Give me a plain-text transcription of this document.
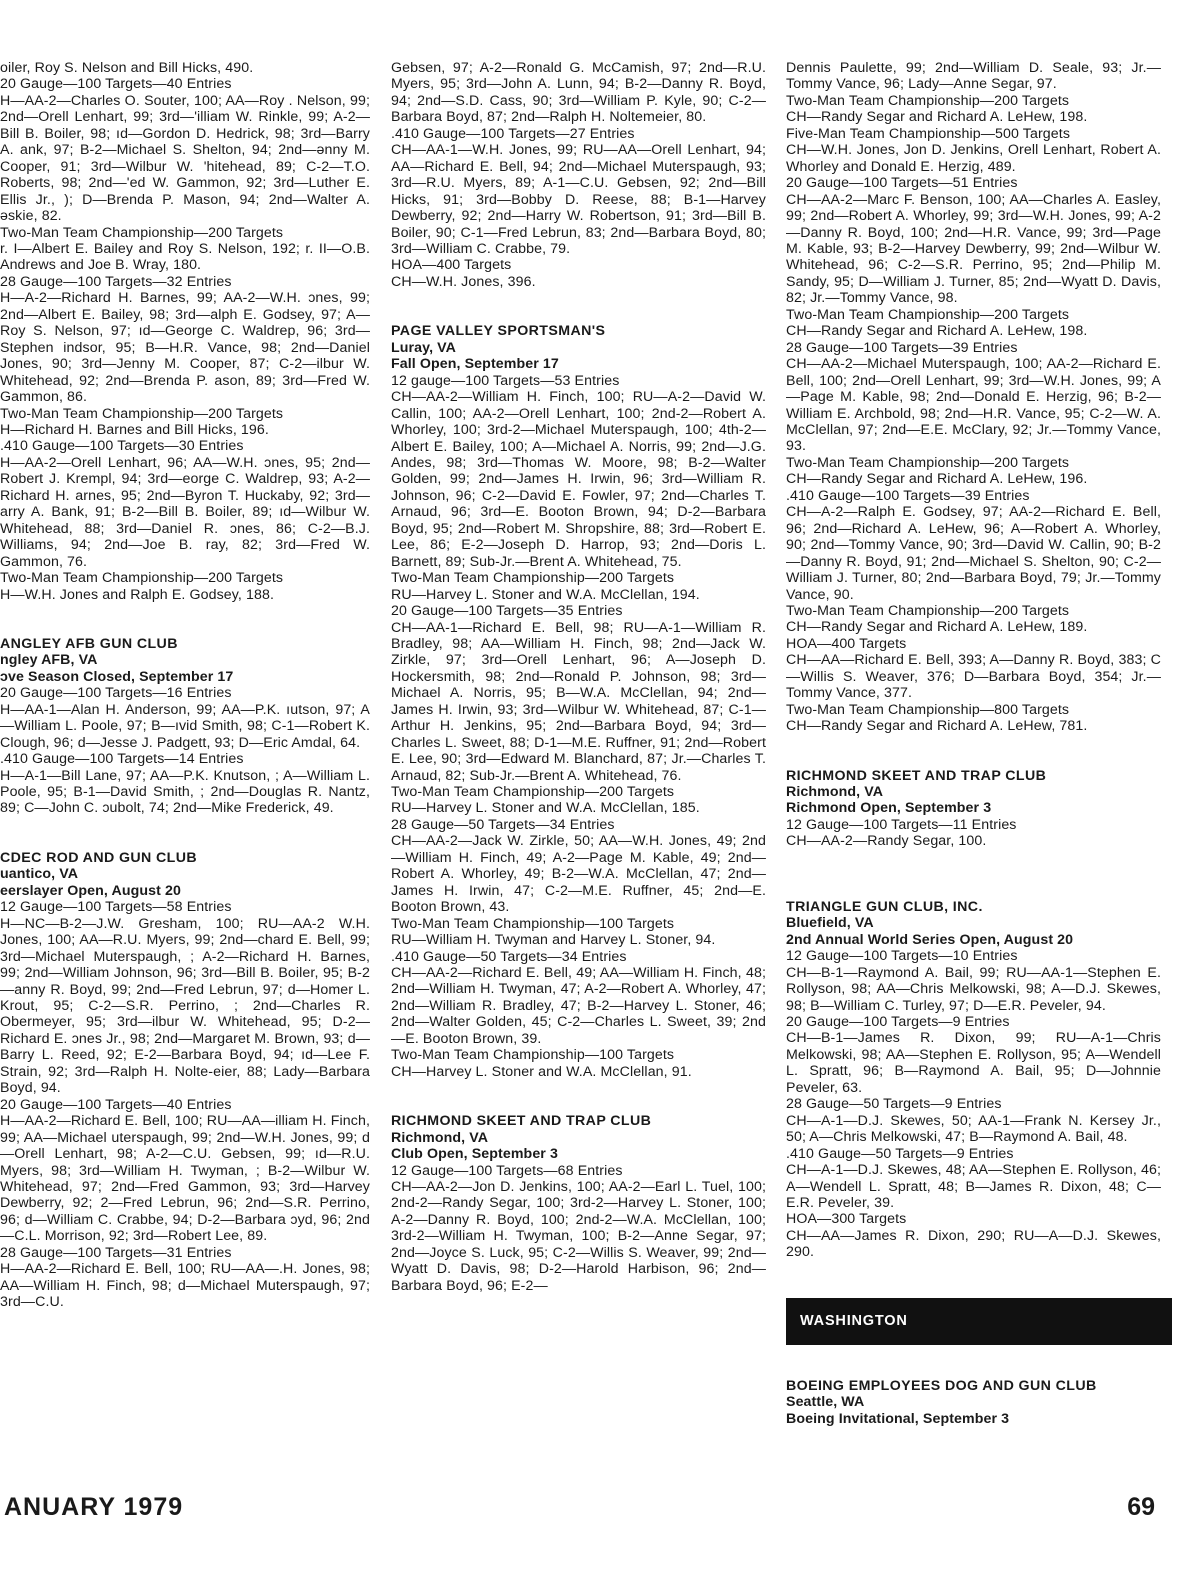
oiler, Roy S. Nelson and Bill Hicks, 490.

20 Gauge—100 Targets—40 Entries

H—AA-2—Charles O. Souter, 100; AA—Roy . Nelson, 99; 2nd—Orell Lenhart, 99; 3rd—'illiam W. Rinkle, 99; A-2—Bill B. Boiler, 98; ıd—Gordon D. Hedrick, 98; 3rd—Barry A. ank, 97; B-2—Michael S. Shelton, 94; 2nd—ənny M. Cooper, 91; 3rd—Wilbur W. 'hitehead, 89; C-2—T.O. Roberts, 98; 2nd—'ed W. Gammon, 92; 3rd—Luther E. Ellis Jr., ); D—Brenda P. Mason, 94; 2nd—Walter A. əskie, 82.

Two-Man Team Championship—200 Targets

r. I—Albert E. Bailey and Roy S. Nelson, 192; r. II—O.B. Andrews and Joe B. Wray, 180.

28 Gauge—100 Targets—32 Entries

H—A-2—Richard H. Barnes, 99; AA-2—W.H. ɔnes, 99; 2nd—Albert E. Bailey, 98; 3rd—alph E. Godsey, 97; A—Roy S. Nelson, 97; ıd—George C. Waldrep, 96; 3rd—Stephen indsor, 95; B—H.R. Vance, 98; 2nd—Daniel Jones, 90; 3rd—Jenny M. Cooper, 87; C-2—ilbur W. Whitehead, 92; 2nd—Brenda P. ason, 89; 3rd—Fred W. Gammon, 86.

Two-Man Team Championship—200 Targets

H—Richard H. Barnes and Bill Hicks, 196.

.410 Gauge—100 Targets—30 Entries

H—AA-2—Orell Lenhart, 96; AA—W.H. ɔnes, 95; 2nd—Robert J. Krempl, 94; 3rd—eorge C. Waldrep, 93; A-2—Richard H. arnes, 95; 2nd—Byron T. Huckaby, 92; 3rd—arry A. Bank, 91; B-2—Bill B. Boiler, 89; ıd—Wilbur W. Whitehead, 88; 3rd—Daniel R. ɔnes, 86; C-2—B.J. Williams, 94; 2nd—Joe B. ray, 82; 3rd—Fred W. Gammon, 76.

Two-Man Team Championship—200 Targets

H—W.H. Jones and Ralph E. Godsey, 188.

ANGLEY AFB GUN CLUB
ngley AFB, VA
ɔve Season Closed, September 17

20 Gauge—100 Targets—16 Entries

H—AA-1—Alan H. Anderson, 99; AA—P.K. ıutson, 97; A—William L. Poole, 97; B—ıvid Smith, 98; C-1—Robert K. Clough, 96; d—Jesse J. Padgett, 93; D—Eric Amdal, 64.

.410 Gauge—100 Targets—14 Entries

H—A-1—Bill Lane, 97; AA—P.K. Knutson, ; A—William L. Poole, 95; B-1—David Smith, ; 2nd—Douglas R. Nantz, 89; C—John C. ɔubolt, 74; 2nd—Mike Frederick, 49.

CDEC ROD AND GUN CLUB
uantico, VA
eerslayer Open, August 20

12 Gauge—100 Targets—58 Entries

H—NC—B-2—J.W. Gresham, 100; RU—AA-2 W.H. Jones, 100; AA—R.U. Myers, 99; 2nd—chard E. Bell, 99; 3rd—Michael Muterspaugh, ; A-2—Richard H. Barnes, 99; 2nd—William Johnson, 96; 3rd—Bill B. Boiler, 95; B-2—anny R. Boyd, 99; 2nd—Fred Lebrun, 97; d—Homer L. Krout, 95; C-2—S.R. Perrino, ; 2nd—Charles R. Obermeyer, 95; 3rd—ilbur W. Whitehead, 95; D-2—Richard E. ɔnes Jr., 98; 2nd—Margaret M. Brown, 93; d—Barry L. Reed, 92; E-2—Barbara Boyd, 94; ıd—Lee F. Strain, 92; 3rd—Ralph H. Nolte-eier, 88; Lady—Barbara Boyd, 94.

20 Gauge—100 Targets—40 Entries

H—AA-2—Richard E. Bell, 100; RU—AA—illiam H. Finch, 99; AA—Michael uterspaugh, 99; 2nd—W.H. Jones, 99; d—Orell Lenhart, 98; A-2—C.U. Gebsen, 99; ıd—R.U. Myers, 98; 3rd—William H. Twyman, ; B-2—Wilbur W. Whitehead, 97; 2nd—Fred Gammon, 93; 3rd—Harvey Dewberry, 92; 2—Fred Lebrun, 96; 2nd—S.R. Perrino, 96; d—William C. Crabbe, 94; D-2—Barbara ɔyd, 96; 2nd—C.L. Morrison, 92; 3rd—Robert Lee, 89.

28 Gauge—100 Targets—31 Entries

H—AA-2—Richard E. Bell, 100; RU—AA—.H. Jones, 98; AA—William H. Finch, 98; d—Michael Muterspaugh, 97; 3rd—C.U.

Gebsen, 97; A-2—Ronald G. McCamish, 97; 2nd—R.U. Myers, 95; 3rd—John A. Lunn, 94; B-2—Danny R. Boyd, 94; 2nd—S.D. Cass, 90; 3rd—William P. Kyle, 90; C-2—Barbara Boyd, 87; 2nd—Ralph H. Noltemeier, 80.

.410 Gauge—100 Targets—27 Entries

CH—AA-1—W.H. Jones, 99; RU—AA—Orell Lenhart, 94; AA—Richard E. Bell, 94; 2nd—Michael Muterspaugh, 93; 3rd—R.U. Myers, 89; A-1—C.U. Gebsen, 92; 2nd—Bill Hicks, 91; 3rd—Bobby D. Reese, 88; B-1—Harvey Dewberry, 92; 2nd—Harry W. Robertson, 91; 3rd—Bill B. Boiler, 90; C-1—Fred Lebrun, 83; 2nd—Barbara Boyd, 80; 3rd—William C. Crabbe, 79.

HOA—400 Targets

CH—W.H. Jones, 396.

PAGE VALLEY SPORTSMAN'S
Luray, VA
Fall Open, September 17

12 gauge—100 Targets—53 Entries

CH—AA-2—William H. Finch, 100; RU—A-2—David W. Callin, 100; AA-2—Orell Lenhart, 100; 2nd-2—Robert A. Whorley, 100; 3rd-2—Michael Muterspaugh, 100; 4th-2—Albert E. Bailey, 100; A—Michael A. Norris, 99; 2nd—J.G. Andes, 98; 3rd—Thomas W. Moore, 98; B-2—Walter Golden, 99; 2nd—James H. Irwin, 96; 3rd—William R. Johnson, 96; C-2—David E. Fowler, 97; 2nd—Charles T. Arnaud, 96; 3rd—E. Booton Brown, 94; D-2—Barbara Boyd, 95; 2nd—Robert M. Shropshire, 88; 3rd—Robert E. Lee, 86; E-2—Joseph D. Harrop, 93; 2nd—Doris L. Barnett, 89; Sub-Jr.—Brent A. Whitehead, 75.

Two-Man Team Championship—200 Targets

RU—Harvey L. Stoner and W.A. McClellan, 194.

20 Gauge—100 Targets—35 Entries

CH—AA-1—Richard E. Bell, 98; RU—A-1—William R. Bradley, 98; AA—William H. Finch, 98; 2nd—Jack W. Zirkle, 97; 3rd—Orell Lenhart, 96; A—Joseph D. Hockersmith, 98; 2nd—Ronald P. Johnson, 98; 3rd—Michael A. Norris, 95; B—W.A. McClellan, 94; 2nd—James H. Irwin, 93; 3rd—Wilbur W. Whitehead, 87; C-1—Arthur H. Jenkins, 95; 2nd—Barbara Boyd, 94; 3rd—Charles L. Sweet, 88; D-1—M.E. Ruffner, 91; 2nd—Robert E. Lee, 90; 3rd—Edward M. Blanchard, 87; Jr.—Charles T. Arnaud, 82; Sub-Jr.—Brent A. Whitehead, 76.

Two-Man Team Championship—200 Targets

RU—Harvey L. Stoner and W.A. McClellan, 185.

28 Gauge—50 Targets—34 Entries

CH—AA-2—Jack W. Zirkle, 50; AA—W.H. Jones, 49; 2nd—William H. Finch, 49; A-2—Page M. Kable, 49; 2nd—Robert A. Whorley, 49; B-2—W.A. McClellan, 47; 2nd—James H. Irwin, 47; C-2—M.E. Ruffner, 45; 2nd—E. Booton Brown, 43.

Two-Man Team Championship—100 Targets

RU—William H. Twyman and Harvey L. Stoner, 94.

.410 Gauge—50 Targets—34 Entries

CH—AA-2—Richard E. Bell, 49; AA—William H. Finch, 48; 2nd—William H. Twyman, 47; A-2—Robert A. Whorley, 47; 2nd—William R. Bradley, 47; B-2—Harvey L. Stoner, 46; 2nd—Walter Golden, 45; C-2—Charles L. Sweet, 39; 2nd—E. Booton Brown, 39.

Two-Man Team Championship—100 Targets

CH—Harvey L. Stoner and W.A. McClellan, 91.

RICHMOND SKEET AND TRAP CLUB
Richmond, VA
Club Open, September 3

12 Gauge—100 Targets—68 Entries

CH—AA-2—Jon D. Jenkins, 100; AA-2—Earl L. Tuel, 100; 2nd-2—Randy Segar, 100; 3rd-2—Harvey L. Stoner, 100; A-2—Danny R. Boyd, 100; 2nd-2—W.A. McClellan, 100; 3rd-2—William H. Twyman, 100; B-2—Anne Segar, 97; 2nd—Joyce S. Luck, 95; C-2—Willis S. Weaver, 99; 2nd—Wyatt D. Davis, 98; D-2—Harold Harbison, 96; 2nd—Barbara Boyd, 96; E-2—

Dennis Paulette, 99; 2nd—William D. Seale, 93; Jr.—Tommy Vance, 96; Lady—Anne Segar, 97.

Two-Man Team Championship—200 Targets

CH—Randy Segar and Richard A. LeHew, 198.

Five-Man Team Championship—500 Targets

CH—W.H. Jones, Jon D. Jenkins, Orell Lenhart, Robert A. Whorley and Donald E. Herzig, 489.

20 Gauge—100 Targets—51 Entries

CH—AA-2—Marc F. Benson, 100; AA—Charles A. Easley, 99; 2nd—Robert A. Whorley, 99; 3rd—W.H. Jones, 99; A-2—Danny R. Boyd, 100; 2nd—H.R. Vance, 99; 3rd—Page M. Kable, 93; B-2—Harvey Dewberry, 99; 2nd—Wilbur W. Whitehead, 96; C-2—S.R. Perrino, 95; 2nd—Philip M. Sandy, 95; D—William J. Turner, 85; 2nd—Wyatt D. Davis, 82; Jr.—Tommy Vance, 98.

Two-Man Team Championship—200 Targets

CH—Randy Segar and Richard A. LeHew, 198.

28 Gauge—100 Targets—39 Entries

CH—AA-2—Michael Muterspaugh, 100; AA-2—Richard E. Bell, 100; 2nd—Orell Lenhart, 99; 3rd—W.H. Jones, 99; A—Page M. Kable, 98; 2nd—Donald E. Herzig, 96; B-2—William E. Archbold, 98; 2nd—H.R. Vance, 95; C-2—W. A. McClellan, 97; 2nd—E.E. McClary, 92; Jr.—Tommy Vance, 93.

Two-Man Team Championship—200 Targets

CH—Randy Segar and Richard A. LeHew, 196.

.410 Gauge—100 Targets—39 Entries

CH—A-2—Ralph E. Godsey, 97; AA-2—Richard E. Bell, 96; 2nd—Richard A. LeHew, 96; A—Robert A. Whorley, 90; 2nd—Tommy Vance, 90; 3rd—David W. Callin, 90; B-2—Danny R. Boyd, 91; 2nd—Michael S. Shelton, 90; C-2—William J. Turner, 80; 2nd—Barbara Boyd, 79; Jr.—Tommy Vance, 90.

Two-Man Team Championship—200 Targets

CH—Randy Segar and Richard A. LeHew, 189.

HOA—400 Targets

CH—AA—Richard E. Bell, 393; A—Danny R. Boyd, 383; C—Willis S. Weaver, 376; D—Barbara Boyd, 354; Jr.—Tommy Vance, 377.

Two-Man Team Championship—800 Targets

CH—Randy Segar and Richard A. LeHew, 781.

RICHMOND SKEET AND TRAP CLUB
Richmond, VA
Richmond Open, September 3

12 Gauge—100 Targets—11 Entries

CH—AA-2—Randy Segar, 100.

TRIANGLE GUN CLUB, INC.
Bluefield, VA
2nd Annual World Series Open, August 20

12 Gauge—100 Targets—10 Entries

CH—B-1—Raymond A. Bail, 99; RU—AA-1—Stephen E. Rollyson, 98; AA—Chris Melkowski, 98; A—D.J. Skewes, 98; B—William C. Turley, 97; D—E.R. Peveler, 94.

20 Gauge—100 Targets—9 Entries

CH—B-1—James R. Dixon, 99; RU—A-1—Chris Melkowski, 98; AA—Stephen E. Rollyson, 95; A—Wendell L. Spratt, 96; B—Raymond A. Bail, 95; D—Johnnie Peveler, 63.

28 Gauge—50 Targets—9 Entries

CH—A-1—D.J. Skewes, 50; AA-1—Frank N. Kersey Jr., 50; A—Chris Melkowski, 47; B—Raymond A. Bail, 48.

.410 Gauge—50 Targets—9 Entries

CH—A-1—D.J. Skewes, 48; AA—Stephen E. Rollyson, 46; A—Wendell L. Spratt, 48; B—James R. Dixon, 48; C—E.R. Peveler, 39.

HOA—300 Targets

CH—AA—James R. Dixon, 290; RU—A—D.J. Skewes, 290.

WASHINGTON
BOEING EMPLOYEES DOG AND GUN CLUB
Seattle, WA
Boeing Invitational, September 3
ANUARY 1979	69
